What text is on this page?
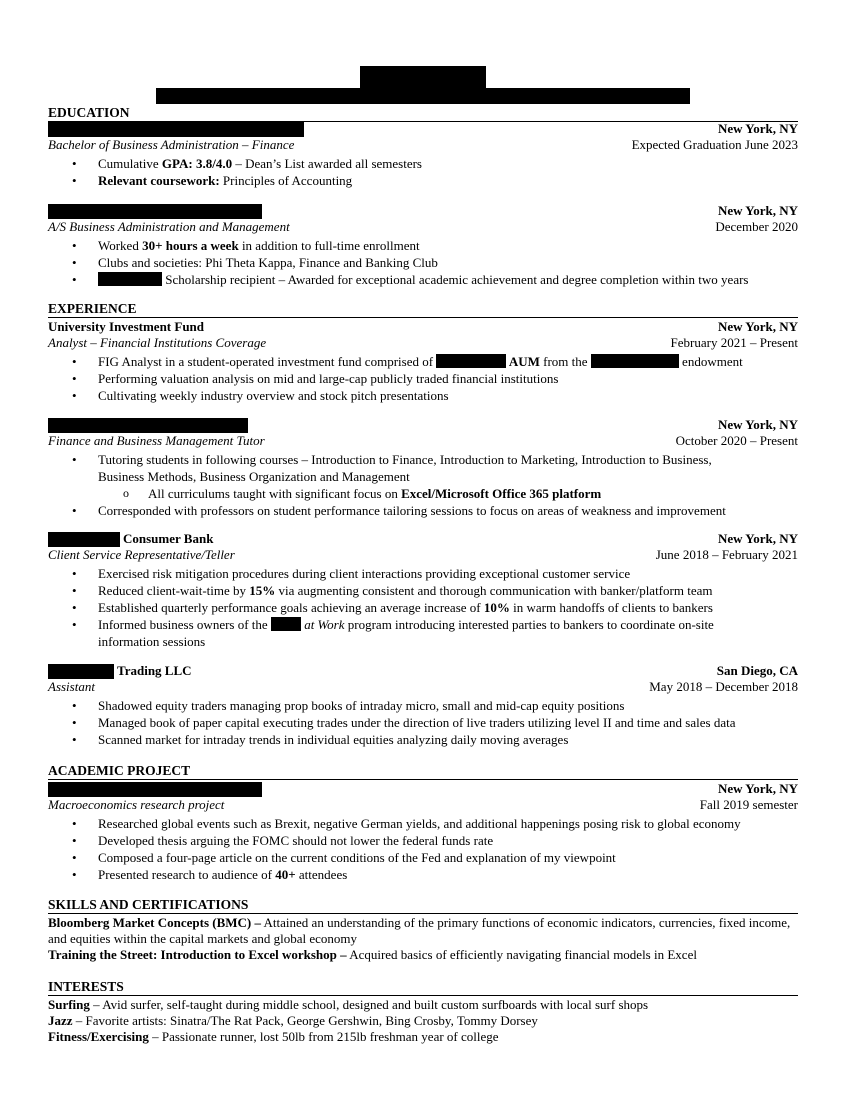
EDUCATION
New York, NY
Bachelor of Business Administration – Finance	Expected Graduation June 2023
• Cumulative GPA: 3.8/4.0 – Dean’s List awarded all semesters
• Relevant coursework: Principles of Accounting
New York, NY
A/S Business Administration and Management	December 2020
• Worked 30+ hours a week in addition to full-time enrollment
• Clubs and societies: Phi Theta Kappa, Finance and Banking Club
• Scholarship recipient – Awarded for exceptional academic achievement and degree completion within two years
EXPERIENCE
University Investment Fund	New York, NY
Analyst – Financial Institutions Coverage	February 2021 – Present
• FIG Analyst in a student-operated investment fund comprised of	AUM from the	endowment
• Performing valuation analysis on mid and large-cap publicly traded financial institutions
• Cultivating weekly industry overview and stock pitch presentations
New York, NY
Finance and Business Management Tutor	October 2020 – Present
• Tutoring students in following courses – Introduction to Finance, Introduction to Marketing, Introduction to Business, Business Methods, Business Organization and Management
o All curriculums taught with significant focus on Excel/Microsoft Office 365 platform
• Corresponded with professors on student performance tailoring sessions to focus on areas of weakness and improvement
Consumer Bank	New York, NY
Client Service Representative/Teller	June 2018 – February 2021
• Exercised risk mitigation procedures during client interactions providing exceptional customer service
• Reduced client-wait-time by 15% via augmenting consistent and thorough communication with banker/platform team
• Established quarterly performance goals achieving an average increase of 10% in warm handoffs of clients to bankers
• Informed business owners of the  at Work program introducing interested parties to bankers to coordinate on-site information sessions
Trading LLC	San Diego, CA
Assistant	May 2018 – December 2018
• Shadowed equity traders managing prop books of intraday micro, small and mid-cap equity positions
• Managed book of paper capital executing trades under the direction of live traders utilizing level II and time and sales data
• Scanned market for intraday trends in individual equities analyzing daily moving averages
ACADEMIC PROJECT
New York, NY
Macroeconomics research project	Fall 2019 semester
• Researched global events such as Brexit, negative German yields, and additional happenings posing risk to global economy
• Developed thesis arguing the FOMC should not lower the federal funds rate
• Composed a four-page article on the current conditions of the Fed and explanation of my viewpoint
• Presented research to audience of 40+ attendees
SKILLS AND CERTIFICATIONS
Bloomberg Market Concepts (BMC) – Attained an understanding of the primary functions of economic indicators, currencies, fixed income, and equities within the capital markets and global economy
Training the Street: Introduction to Excel workshop – Acquired basics of efficiently navigating financial models in Excel
INTERESTS
Surfing – Avid surfer, self-taught during middle school, designed and built custom surfboards with local surf shops
Jazz – Favorite artists: Sinatra/The Rat Pack, George Gershwin, Bing Crosby, Tommy Dorsey
Fitness/Exercising – Passionate runner, lost 50lb from 215lb freshman year of college
